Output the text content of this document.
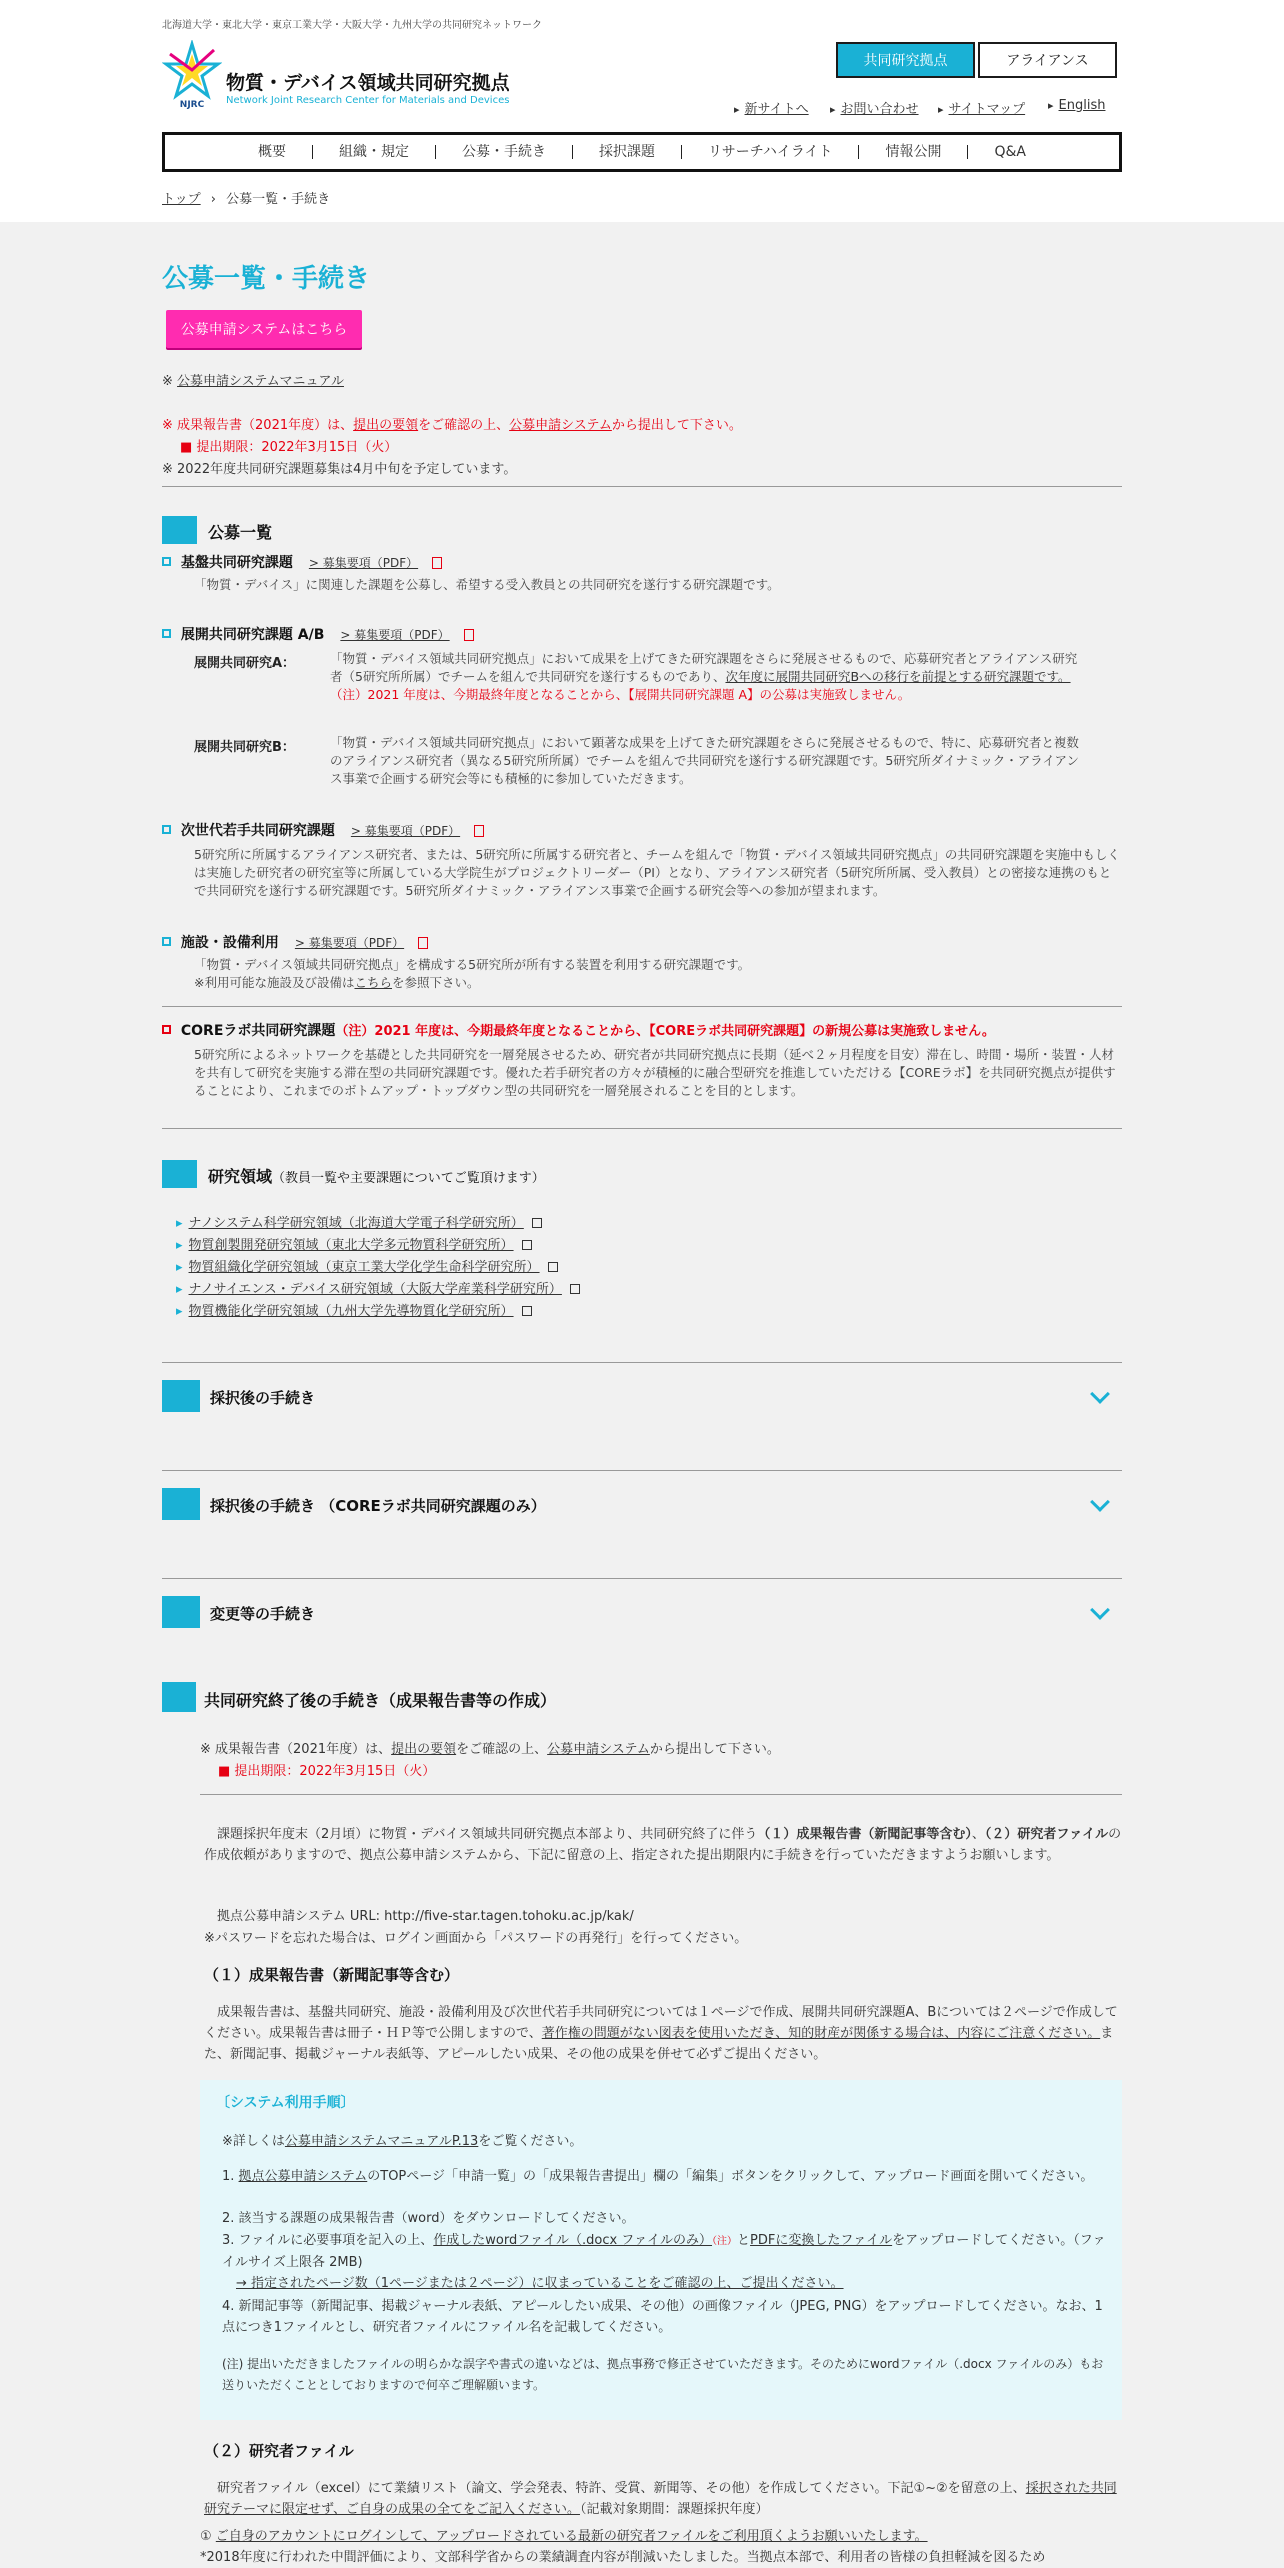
北海道大学・東北大学・東京工業大学・大阪大学・九州大学の共同研究ネットワーク
NJRC
物質・デバイス領域共同研究拠点
Network Joint Research Center for Materials and Devices
共同研究拠点	アライアンス
▸ 新サイトへ	▸ お問い合わせ	▸ サイトマップ	▸ English
概要	組織・規定	公募・手続き	採択課題	リサーチハイライト	情報公開	Q&A
トップ › 公募一覧・手続き
公募一覧・手続き
公募申請システムはこちら
※ 公募申請システムマニュアル
※ 成果報告書（2021年度）は、提出の要領をご確認の上、公募申請システムから提出して下さい。
■ 提出期限：2022年3月15日（火）
※ 2022年度共同研究課題募集は4月中旬を予定しています。
公募一覧
基盤共同研究課題 > 募集要項（PDF）
「物質・デバイス」に関連した課題を公募し、希望する受入教員との共同研究を遂行する研究課題です。
展開共同研究課題 A/B > 募集要項（PDF）
展開共同研究A：	「物質・デバイス領域共同研究拠点」において成果を上げてきた研究課題をさらに発展させるもので、応募研究者とアライアンス研究者（5研究所所属）でチームを組んで共同研究を遂行するものであり、次年度に展開共同研究Bへの移行を前提とする研究課題です。
（注）2021 年度は、今期最終年度となることから、【展開共同研究課題 A】の公募は実施致しません。
展開共同研究B：	「物質・デバイス領域共同研究拠点」において顕著な成果を上げてきた研究課題をさらに発展させるもので、特に、応募研究者と複数のアライアンス研究者（異なる5研究所所属）でチームを組んで共同研究を遂行する研究課題です。5研究所ダイナミック・アライアンス事業で企画する研究会等にも積極的に参加していただきます。
次世代若手共同研究課題 > 募集要項（PDF）
5研究所に所属するアライアンス研究者、または、5研究所に所属する研究者と、チームを組んで「物質・デバイス領域共同研究拠点」の共同研究課題を実施中もしくは実施した研究者の研究室等に所属している大学院生がプロジェクトリーダー（PI）となり、アライアンス研究者（5研究所所属、受入教員）との密接な連携のもとで共同研究を遂行する研究課題です。5研究所ダイナミック・アライアンス事業で企画する研究会等への参加が望まれます。
施設・設備利用 > 募集要項（PDF）
「物質・デバイス領域共同研究拠点」を構成する5研究所が所有する装置を利用する研究課題です。
※利用可能な施設及び設備はこちらを参照下さい。
COREラボ共同研究課題（注）2021 年度は、今期最終年度となることから、【COREラボ共同研究課題】の新規公募は実施致しません。
5研究所によるネットワークを基礎とした共同研究を一層発展させるため、研究者が共同研究拠点に長期（延べ２ヶ月程度を目安）滞在し、時間・場所・装置・人材を共有して研究を実施する滞在型の共同研究課題です。優れた若手研究者の方々が積極的に融合型研究を推進していただける【COREラボ】を共同研究拠点が提供することにより、これまでのボトムアップ・トップダウン型の共同研究を一層発展されることを目的とします。
研究領域（教員一覧や主要課題についてご覧頂けます）
▸ ナノシステム科学研究領域（北海道大学電子科学研究所）
▸ 物質創製開発研究領域（東北大学多元物質科学研究所）
▸ 物質組織化学研究領域（東京工業大学化学生命科学研究所）
▸ ナノサイエンス・デバイス研究領域（大阪大学産業科学研究所）
▸ 物質機能化学研究領域（九州大学先導物質化学研究所）
採択後の手続き
採択後の手続き （COREラボ共同研究課題のみ）
変更等の手続き
共同研究終了後の手続き（成果報告書等の作成）
※ 成果報告書（2021年度）は、提出の要領をご確認の上、公募申請システムから提出して下さい。
■ 提出期限：2022年3月15日（火）
　課題採択年度末（2月頃）に物質・デバイス領域共同研究拠点本部より、共同研究終了に伴う（１）成果報告書（新聞記事等含む）、（２）研究者ファイルの作成依頼がありますので、拠点公募申請システムから、下記に留意の上、指定された提出期限内に手続きを行っていただきますようお願いします。
　拠点公募申請システム URL: http://five-star.tagen.tohoku.ac.jp/kak/
※パスワードを忘れた場合は、ログイン画面から「パスワードの再発行」を行ってください。
（１）成果報告書（新聞記事等含む）
　成果報告書は、基盤共同研究、施設・設備利用及び次世代若手共同研究については１ページで作成、展開共同研究課題A、Bについては２ページで作成してください。成果報告書は冊子・ＨＰ等で公開しますので、著作権の問題がない図表を使用いただき、知的財産が関係する場合は、内容にご注意ください。また、新聞記事、掲載ジャーナル表紙等、アピールしたい成果、その他の成果を併せて必ずご提出ください。
〔システム利用手順〕
※詳しくは公募申請システムマニュアルP.13をご覧ください。
1. 拠点公募申請システムのTOPページ「申請一覧」の「成果報告書提出」欄の「編集」ボタンをクリックして、アップロード画面を開いてください。
2. 該当する課題の成果報告書（word）をダウンロードしてください。
3. ファイルに必要事項を記入の上、作成したwordファイル（.docx ファイルのみ）（注）とPDFに変換したファイルをアップロードしてください。（ファイルサイズ上限各 2MB)
→ 指定されたページ数（1ページまたは２ページ）に収まっていることをご確認の上、ご提出ください。
4. 新聞記事等（新聞記事、掲載ジャーナル表紙、アピールしたい成果、その他）の画像ファイル（JPEG, PNG）をアップロードしてください。なお、1点につき1ファイルとし、研究者ファイルにファイル名を記載してください。
(注) 提出いただきましたファイルの明らかな誤字や書式の違いなどは、拠点事務で修正させていただきます。そのためにwordファイル（.docx ファイルのみ）もお送りいただくこととしておりますので何卒ご理解願います。
（２）研究者ファイル
　研究者ファイル（excel）にて業績リスト（論文、学会発表、特許、受賞、新聞等、その他）を作成してください。下記①~②を留意の上、採択された共同研究テーマに限定せず、ご自身の成果の全てをご記入ください。（記載対象期間：課題採択年度）
① ご自身のアカウントにログインして、アップロードされている最新の研究者ファイルをご利用頂くようお願いいたします。
*2018年度に行われた中間評価により、文部科学省からの業績調査内容が削減いたしました。当拠点本部で、利用者の皆様の負担軽減を図るため
